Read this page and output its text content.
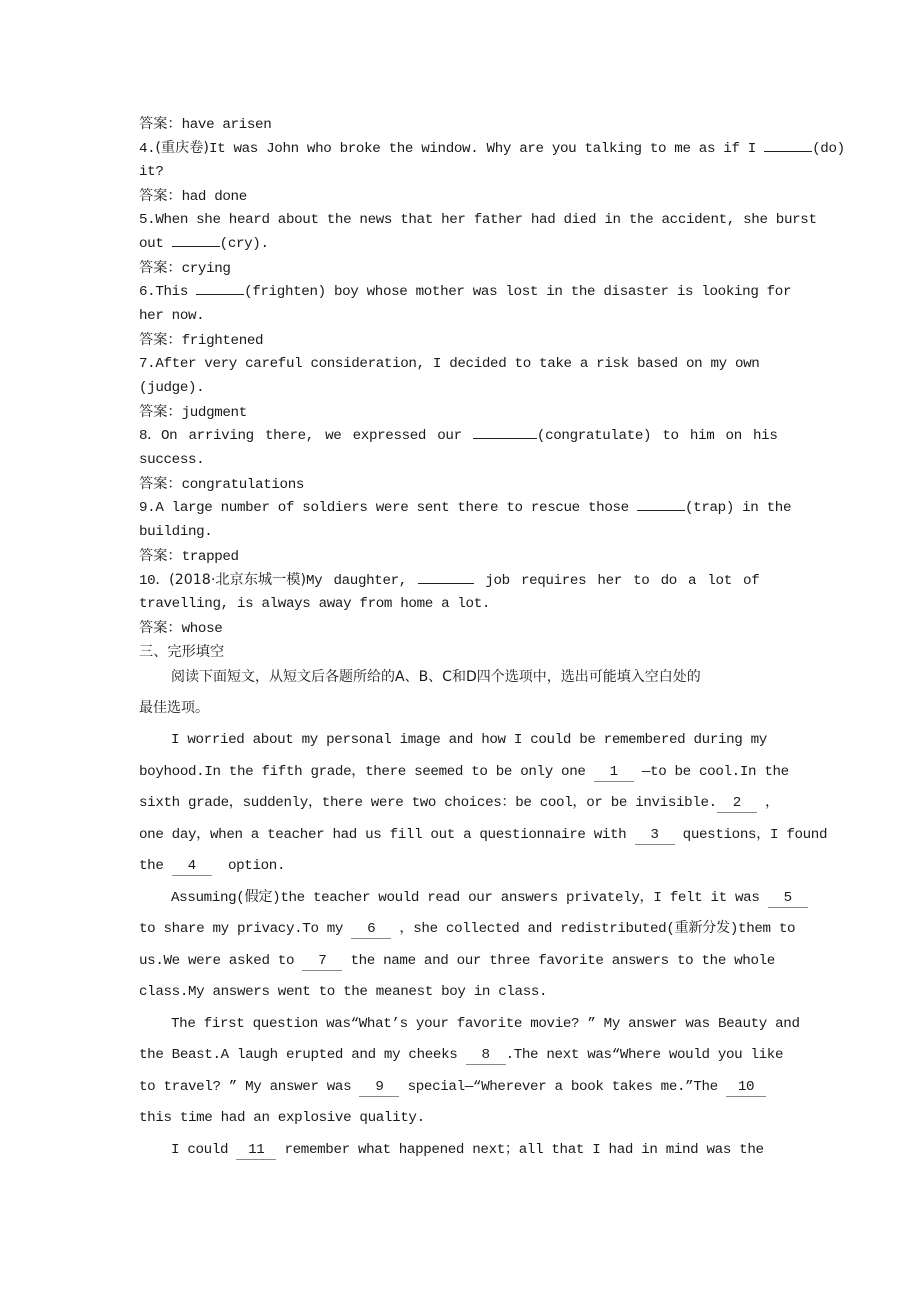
答案：have arisen
4.(重庆卷)It was John who broke the window. Why are you talking to me as if I	(do)
it?
答案：had done
5.When she heard about the news that her father had died in the accident, she burst
out	(cry).
答案：crying
6.This	(frighten) boy whose mother was lost in the disaster is looking for
her now.
答案：frightened
7.After very careful consideration, I decided to take a risk based on my own
(judge).
答案：judgment
8．On arriving there, we expressed our	(congratulate) to him on his
success.
答案：congratulations
9.A large number of soldiers were sent there to rescue those	(trap) in the
building.
答案：trapped
10．(2018·北京东城一模)My daughter,	job requires her to do a lot of
travelling, is always away from home a lot.
答案：whose
三、完形填空
阅读下面短文，从短文后各题所给的A、B、C和D四个选项中，选出可能填入空白处的
最佳选项。
I worried about my personal image and how I could be remembered during my
boyhood.In the fifth grade，there seemed to be only one 1 —to be cool.In the
sixth grade，suddenly，there were two choices：be cool，or be invisible. 2 ，
one day，when a teacher had us fill out a questionnaire with 3 questions，I found
the 4  option.
Assuming(假定)the teacher would read our answers privately，I felt it was 5
to share my privacy.To my 6 ，she collected and redistributed(重新分发)them to
us.We were asked to 7 the name and our three favorite answers to the whole
class.My answers went to the meanest boy in class.
The first question was“What’s your favorite movie? ” My answer was Beauty and
the Beast.A laugh erupted and my cheeks 8 .The next was“Where would you like
to travel? ” My answer was 9 special—“Wherever a book takes me.”The 10
this time had an explosive quality.
I could 11 remember what happened next；all that I had in mind was the
